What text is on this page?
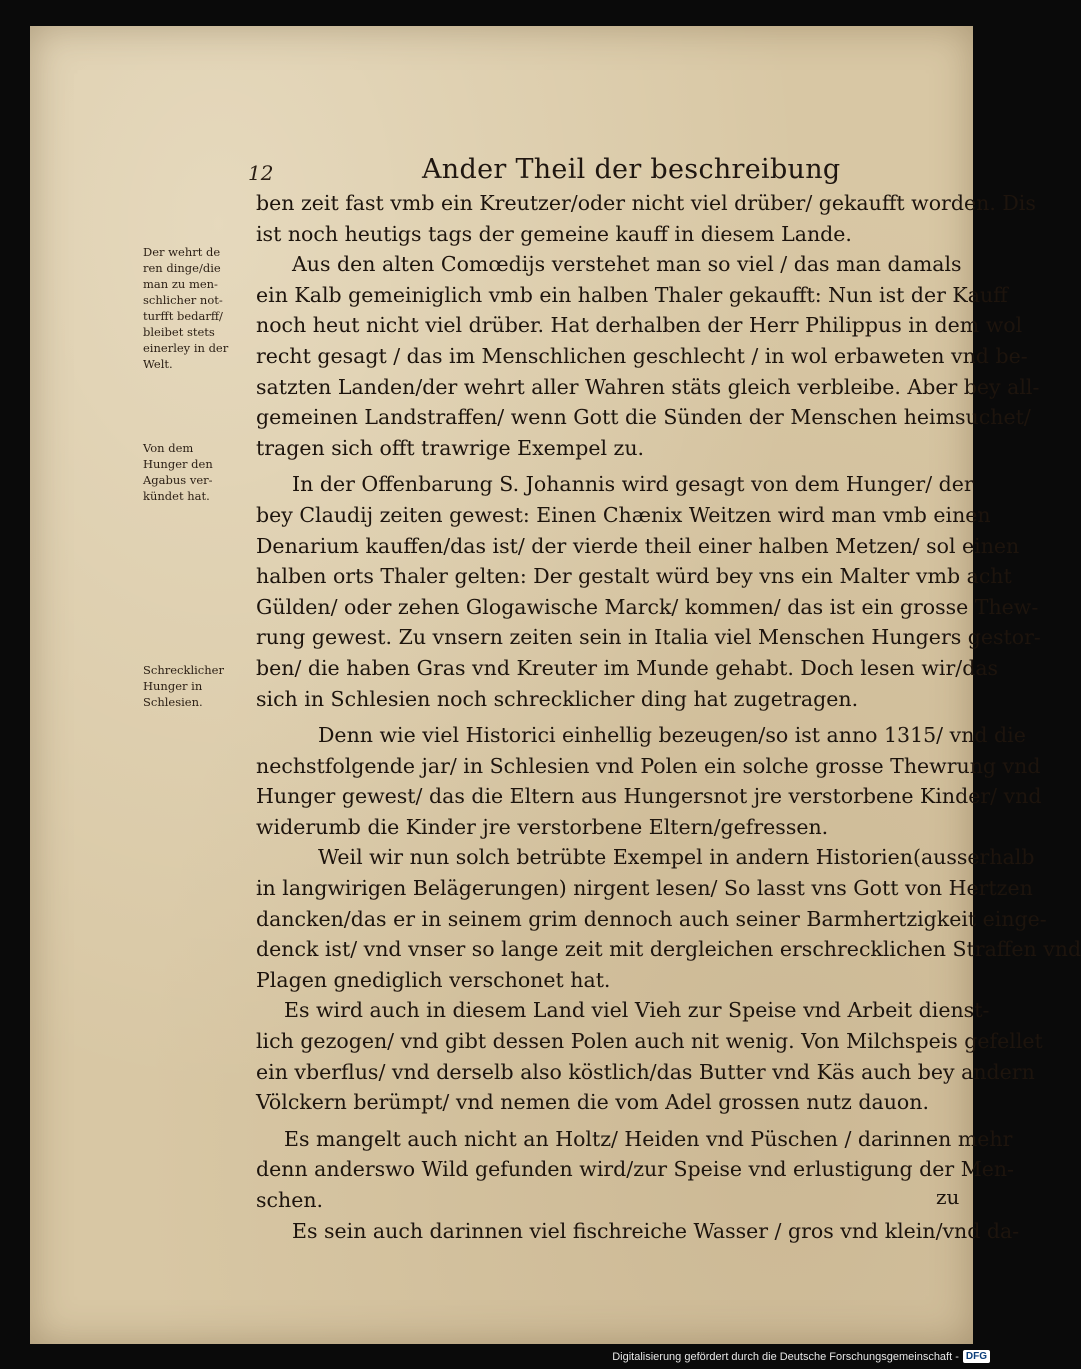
12	Ander Theil der beschreibung
Der wehrt de
ren dinge/die
man zu men-
schlicher not-
turfft bedarff/
bleibet stets
einerley in der
Welt.
Von dem
Hunger den
Agabus ver-
kündet hat.
Schrecklicher
Hunger in
Schlesien.
ben zeit fast vmb ein Kreutzer/oder nicht viel drüber/ gekaufft worden. Dis
ist noch heutigs tags der gemeine kauff in diesem Lande.
Aus den alten Comœdijs verstehet man so viel / das man damals
ein Kalb gemeiniglich vmb ein halben Thaler gekaufft: Nun ist der Kauff
noch heut nicht viel drüber. Hat derhalben der Herr Philippus in dem wol
recht gesagt / das im Menschlichen geschlecht / in wol erbaweten vnd be-
satzten Landen/der wehrt aller Wahren stäts gleich verbleibe. Aber bey all-
gemeinen Landstraffen/ wenn Gott die Sünden der Menschen heimsuchet/
tragen sich offt trawrige Exempel zu.
In der Offenbarung S. Johannis wird gesagt von dem Hunger/ der
bey Claudij zeiten gewest: Einen Chænix Weitzen wird man vmb einen
Denarium kauffen/das ist/ der vierde theil einer halben Metzen/ sol einen
halben orts Thaler gelten: Der gestalt würd bey vns ein Malter vmb acht
Gülden/ oder zehen Glogawische Marck/ kommen/ das ist ein grosse Thew-
rung gewest. Zu vnsern zeiten sein in Italia viel Menschen Hungers gestor-
ben/ die haben Gras vnd Kreuter im Munde gehabt. Doch lesen wir/das
sich in Schlesien noch schrecklicher ding hat zugetragen.
Denn wie viel Historici einhellig bezeugen/so ist anno 1315/ vnd die
nechstfolgende jar/ in Schlesien vnd Polen ein solche grosse Thewrung vnd
Hunger gewest/ das die Eltern aus Hungersnot jre verstorbene Kinder/ vnd
widerumb die Kinder jre verstorbene Eltern/gefressen.
Weil wir nun solch betrübte Exempel in andern Historien(ausserhalb
in langwirigen Belägerungen) nirgent lesen/ So lasst vns Gott von Hertzen
dancken/das er in seinem grim dennoch auch seiner Barmhertzigkeit einge-
denck ist/ vnd vnser so lange zeit mit dergleichen erschrecklichen Straffen vnd
Plagen gnediglich verschonet hat.
Es wird auch in diesem Land viel Vieh zur Speise vnd Arbeit dienst-
lich gezogen/ vnd gibt dessen Polen auch nit wenig. Von Milchspeis gefellet
ein vberflus/ vnd derselb also köstlich/das Butter vnd Käs auch bey andern
Völckern berümpt/ vnd nemen die vom Adel grossen nutz dauon.
Es mangelt auch nicht an Holtz/ Heiden vnd Püschen / darinnen mehr
denn anderswo Wild gefunden wird/zur Speise vnd erlustigung der Men-
schen.
Es sein auch darinnen viel fischreiche Wasser / gros vnd klein/vnd da-
zu
Digitalisierung gefördert durch die Deutsche Forschungsgemeinschaft - DFG
